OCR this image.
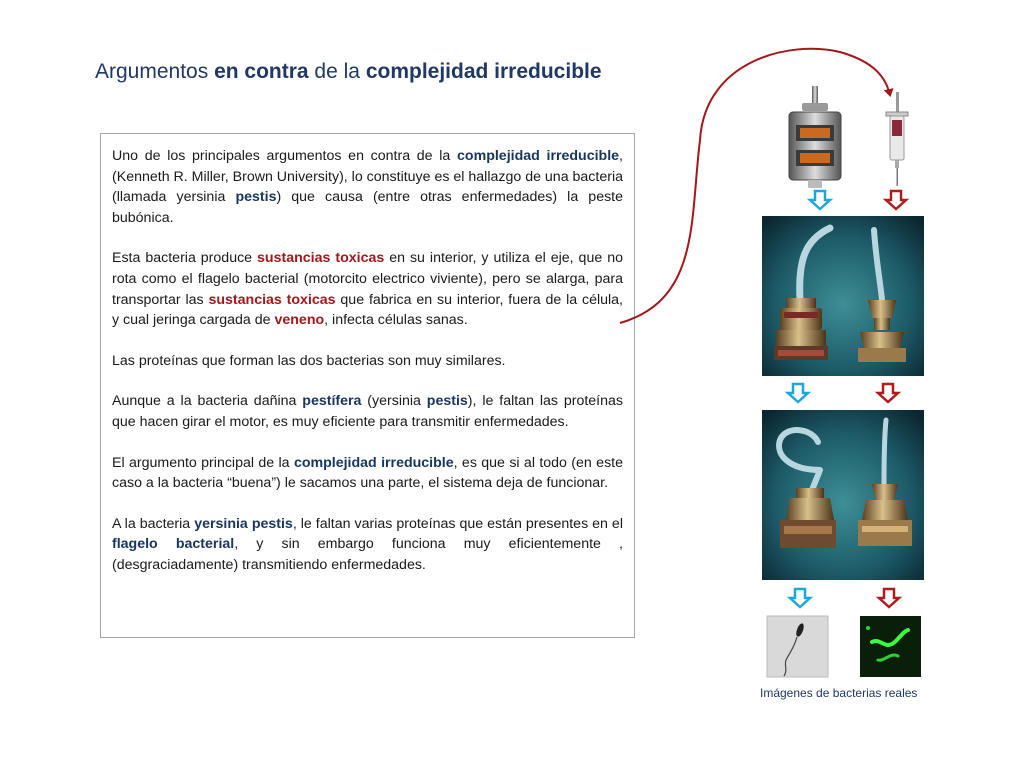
Argumentos en contra de la complejidad irreducible

Uno de los principales argumentos en contra de la complejidad irreducible, (Kenneth R. Miller, Brown University), lo constituye es el hallazgo de una bacteria (llamada yersinia pestis) que causa (entre otras enfermedades) la peste bubónica.

Esta bacteria produce sustancias toxicas en su interior, y utiliza el eje, que no rota como el flagelo bacterial (motorcito electrico viviente), pero se alarga, para transportar las sustancias toxicas que fabrica en su interior, fuera de la célula, y cual jeringa cargada de veneno, infecta células sanas.

Las proteínas que forman las dos bacterias son muy similares.

Aunque a la bacteria dañina pestífera (yersinia pestis), le faltan las proteínas que hacen girar el motor, es muy eficiente para transmitir enfermedades.

El argumento principal de la complejidad irreducible, es que si al todo (en este caso a la bacteria “buena”) le sacamos una parte, el sistema deja de funcionar.

A la bacteria yersinia pestis, le faltan varias proteínas que están presentes en el flagelo bacterial, y sin embargo funciona muy eficientemente , (desgraciadamente) transmitiendo enfermedades.

Imágenes de bacterias reales
